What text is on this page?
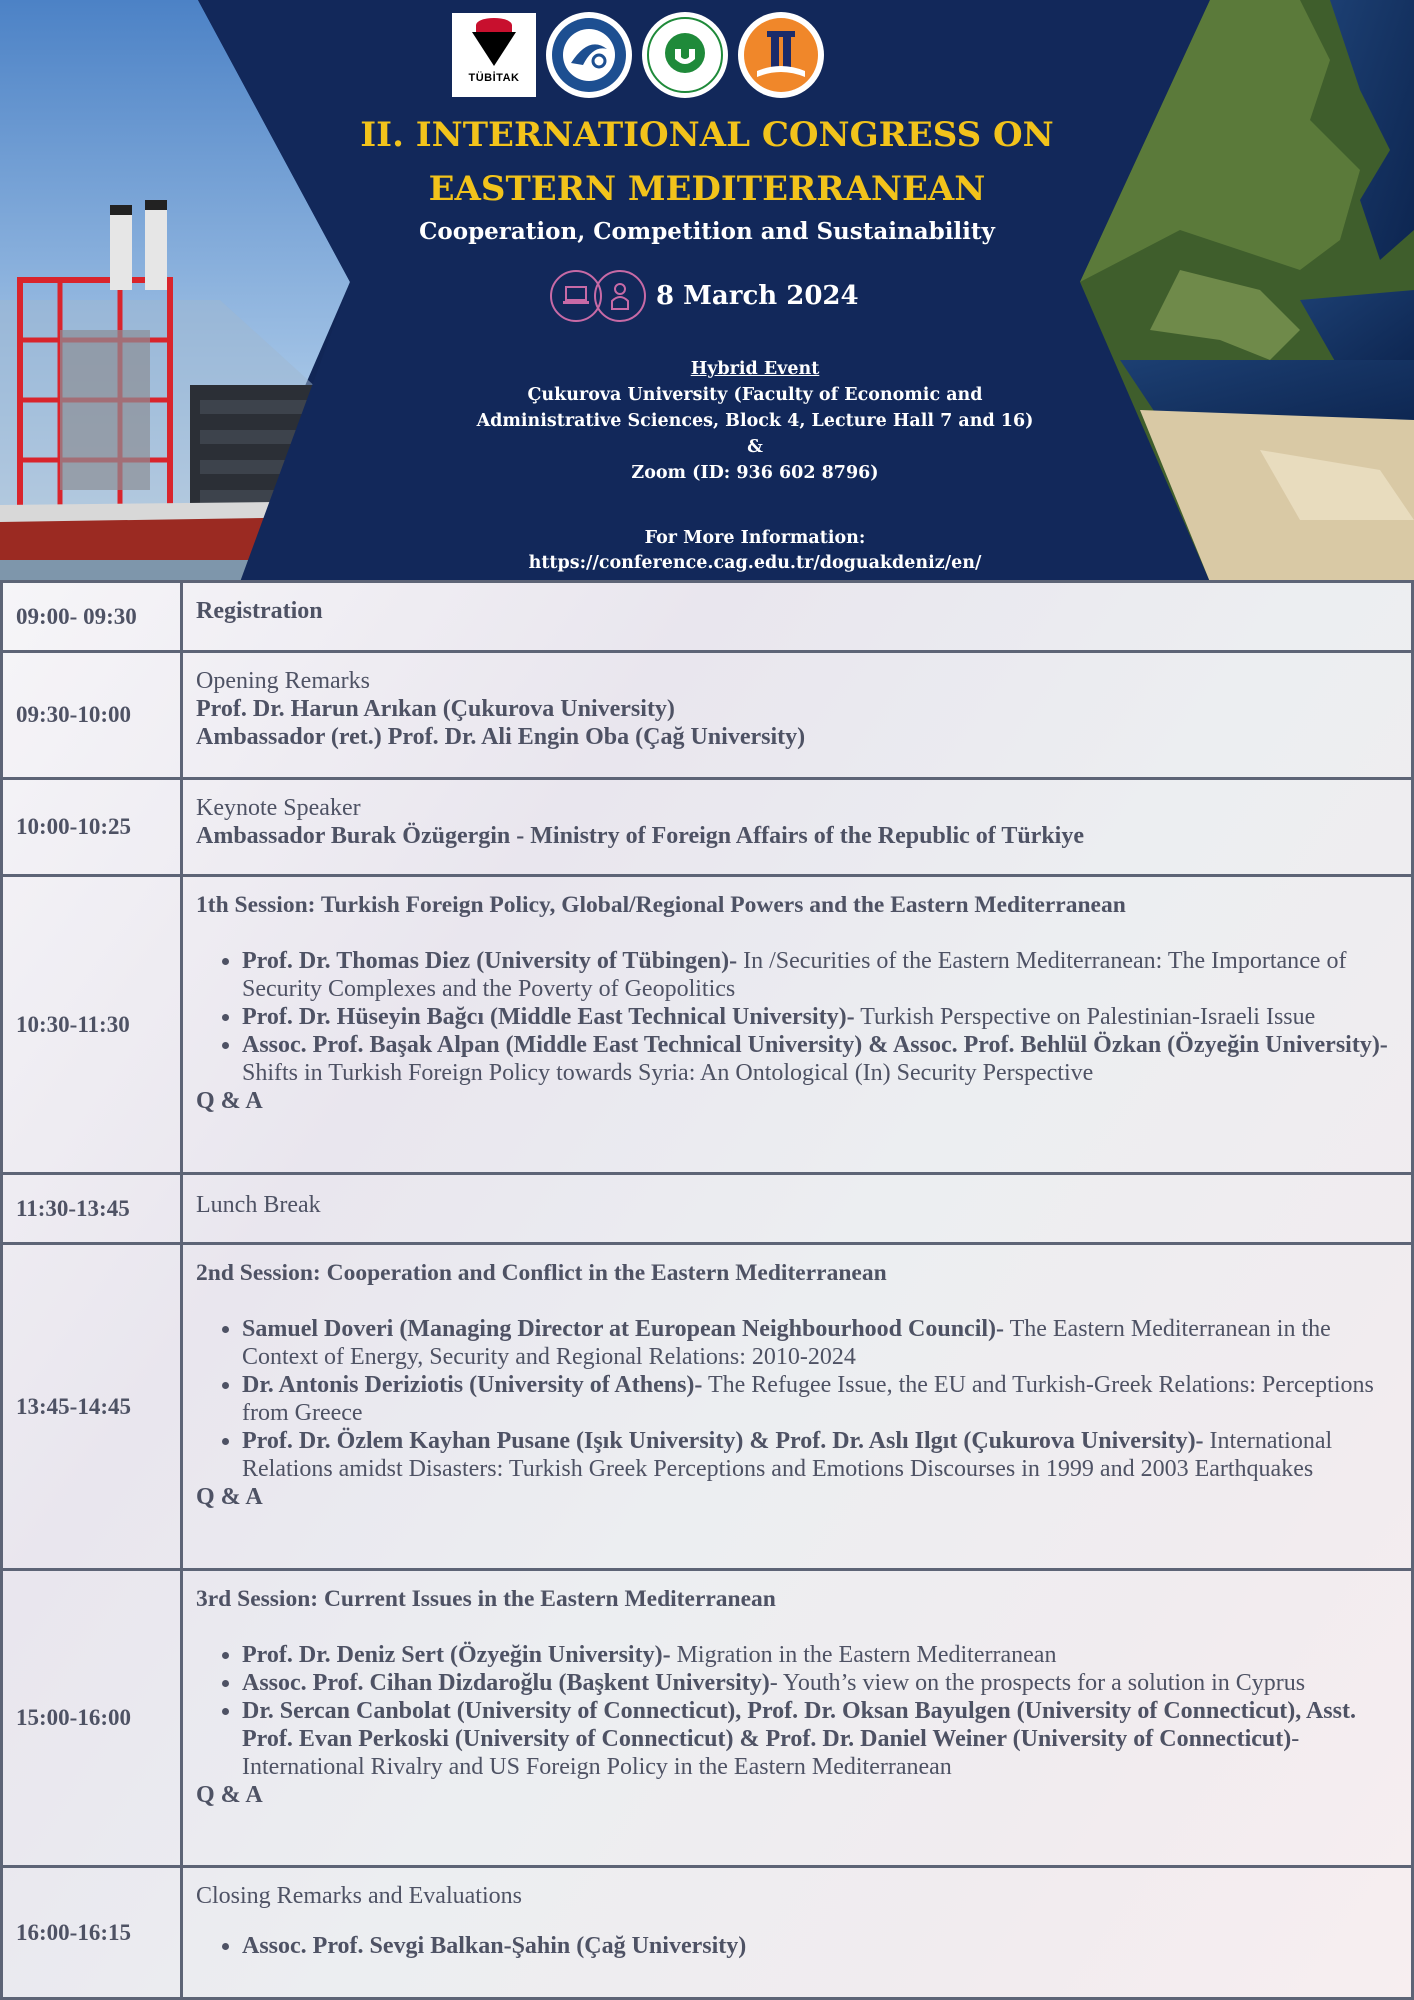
TÜBİTAK
II. INTERNATIONAL CONGRESS ON
EASTERN MEDITERRANEAN
Cooperation, Competition and Sustainability
8 March 2024
Hybrid Event
Çukurova University (Faculty of Economic and
Administrative Sciences, Block 4, Lecture Hall 7 and 16)
&
Zoom (ID: 936 602 8796)
For More Information:
https://conference.cag.edu.tr/doguakdeniz/en/
09:00- 09:30	Registration
09:30-10:00
Opening Remarks
Prof. Dr. Harun Arıkan (Çukurova University)
Ambassador (ret.) Prof. Dr. Ali Engin Oba (Çağ University)
10:00-10:25
Keynote Speaker
Ambassador Burak Özügergin - Ministry of Foreign Affairs of the Republic of Türkiye
10:30-11:30
1th Session: Turkish Foreign Policy, Global/Regional Powers and the Eastern Mediterranean
• Prof. Dr. Thomas Diez (University of Tübingen)- In /Securities of the Eastern Mediterranean: The Importance of Security Complexes and the Poverty of Geopolitics
• Prof. Dr. Hüseyin Bağcı (Middle East Technical University)- Turkish Perspective on Palestinian-Israeli Issue
• Assoc. Prof. Başak Alpan (Middle East Technical University) & Assoc. Prof. Behlül Özkan (Özyeğin University)- Shifts in Turkish Foreign Policy towards Syria: An Ontological (In) Security Perspective
Q & A
11:30-13:45	Lunch Break
13:45-14:45
2nd Session: Cooperation and Conflict in the Eastern Mediterranean
• Samuel Doveri (Managing Director at European Neighbourhood Council)- The Eastern Mediterranean in the Context of Energy, Security and Regional Relations: 2010-2024
• Dr. Antonis Deriziotis (University of Athens)- The Refugee Issue, the EU and Turkish-Greek Relations: Perceptions from Greece
• Prof. Dr. Özlem Kayhan Pusane (Işık University) & Prof. Dr. Aslı Ilgıt (Çukurova University)- International Relations amidst Disasters: Turkish Greek Perceptions and Emotions Discourses in 1999 and 2003 Earthquakes
Q & A
15:00-16:00
3rd Session: Current Issues in the Eastern Mediterranean
• Prof. Dr. Deniz Sert (Özyeğin University)- Migration in the Eastern Mediterranean
• Assoc. Prof. Cihan Dizdaroğlu (Başkent University)- Youth’s view on the prospects for a solution in Cyprus
• Dr. Sercan Canbolat (University of Connecticut), Prof. Dr. Oksan Bayulgen (University of Connecticut), Asst. Prof. Evan Perkoski (University of Connecticut) & Prof. Dr. Daniel Weiner (University of Connecticut)- International Rivalry and US Foreign Policy in the Eastern Mediterranean
Q & A
16:00-16:15
Closing Remarks and Evaluations
• Assoc. Prof. Sevgi Balkan-Şahin (Çağ University)
